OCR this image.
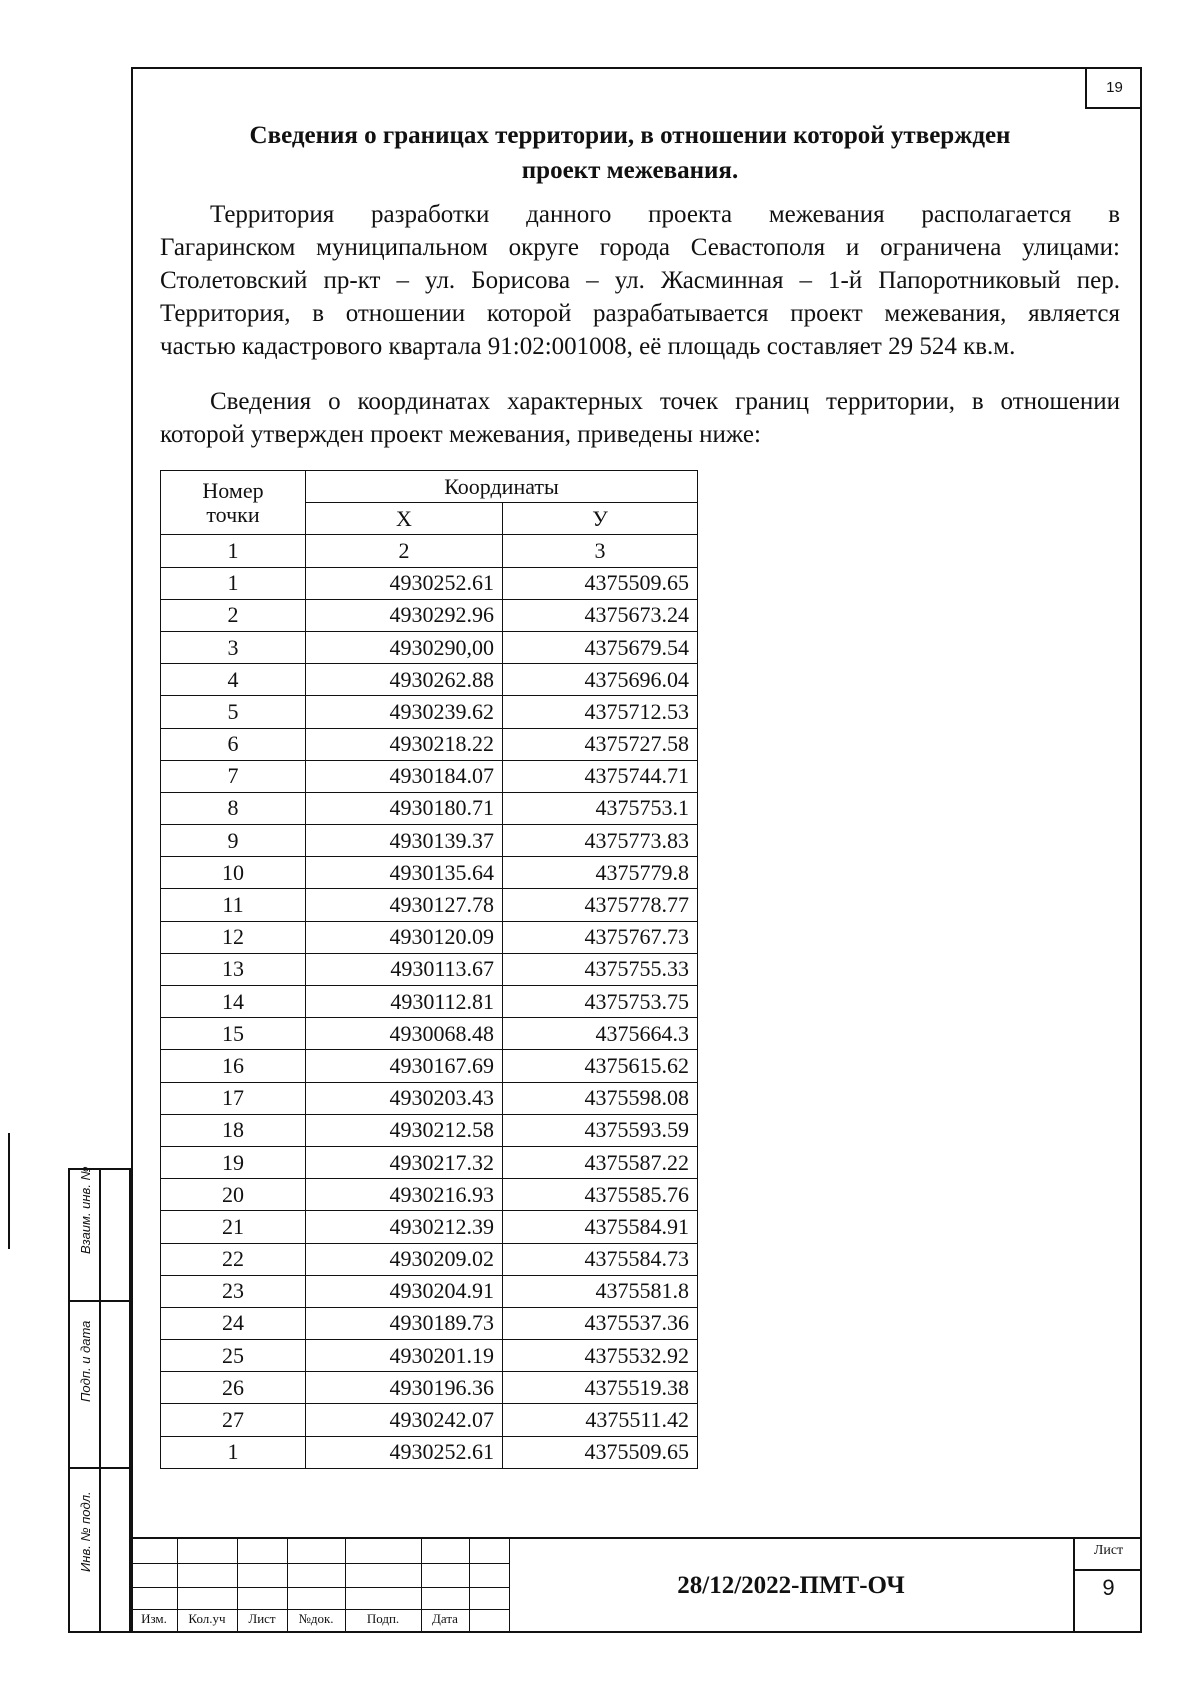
19
Сведения о границах территории, в отношении которой утвержден
проект межевания.
Территория разработки данного проекта межевания располагается в
Гагаринском муниципальном округе города Севастополя и ограничена улицами:
Столетовский пр-кт – ул. Борисова – ул. Жасминная – 1-й Папоротниковый пер.
Территория, в отношении которой разрабатывается проект межевания, является
частью кадастрового квартала 91:02:001008, её площадь составляет 29 524 кв.м.
Сведения о координатах характерных точек границ территории, в отношении
которой утвержден проект межевания, приведены ниже:
Номер
точки	Координаты	
	Х	У
1	2	3
1	4930252.61	4375509.65
2	4930292.96	4375673.24
3	4930290,00	4375679.54
4	4930262.88	4375696.04
5	4930239.62	4375712.53
6	4930218.22	4375727.58
7	4930184.07	4375744.71
8	4930180.71	4375753.1
9	4930139.37	4375773.83
10	4930135.64	4375779.8
11	4930127.78	4375778.77
12	4930120.09	4375767.73
13	4930113.67	4375755.33
14	4930112.81	4375753.75
15	4930068.48	4375664.3
16	4930167.69	4375615.62
17	4930203.43	4375598.08
18	4930212.58	4375593.59
19	4930217.32	4375587.22
20	4930216.93	4375585.76
21	4930212.39	4375584.91
22	4930209.02	4375584.73
23	4930204.91	4375581.8
24	4930189.73	4375537.36
25	4930201.19	4375532.92
26	4930196.36	4375519.38
27	4930242.07	4375511.42
1	4930252.61	4375509.65
Взаим. инв. №
Подп. и дата
Инв. № подл.
Изм.	Кол.уч	Лист	№док.	Подп.	Дата
28/12/2022-ПМТ-ОЧ
Лист
9
